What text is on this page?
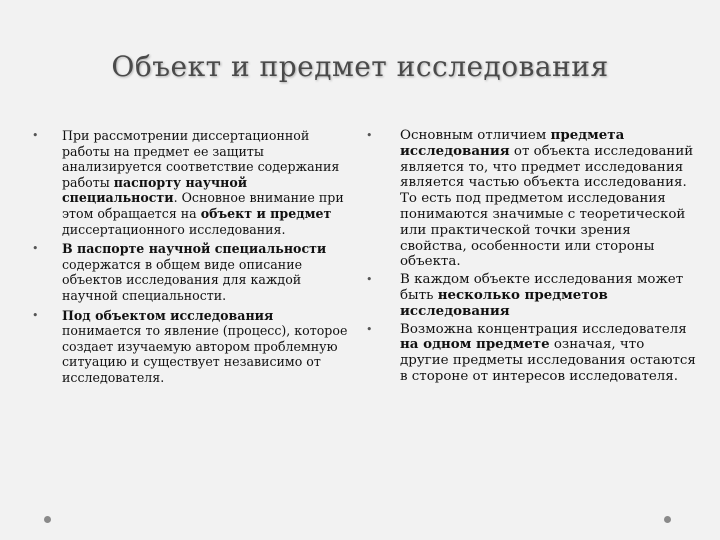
Объект и предмет исследования
• При рассмотрении диссертационной работы на предмет ее защиты анализируется соответствие содержания работы паспорту научной специальности. Основное внимание при этом обращается на объект и предмет диссертационного исследования.
• В паспорте научной специальности содержатся в общем виде описание объектов исследования для каждой научной специальности.
• Под объектом исследования понимается то явление (процесс), которое создает изучаемую автором проблемную ситуацию и существует независимо от исследователя.
• Основным отличием предмета исследования от объекта исследований является то, что предмет исследования является частью объекта исследования. То есть под предметом исследования понимаются значимые с теоретической или практической точки зрения свойства, особенности или стороны объекта.
• В каждом объекте исследования может быть несколько предметов исследования
• Возможна концентрация исследователя на одном предмете означая, что другие предметы исследования остаются в стороне от интересов исследователя.
